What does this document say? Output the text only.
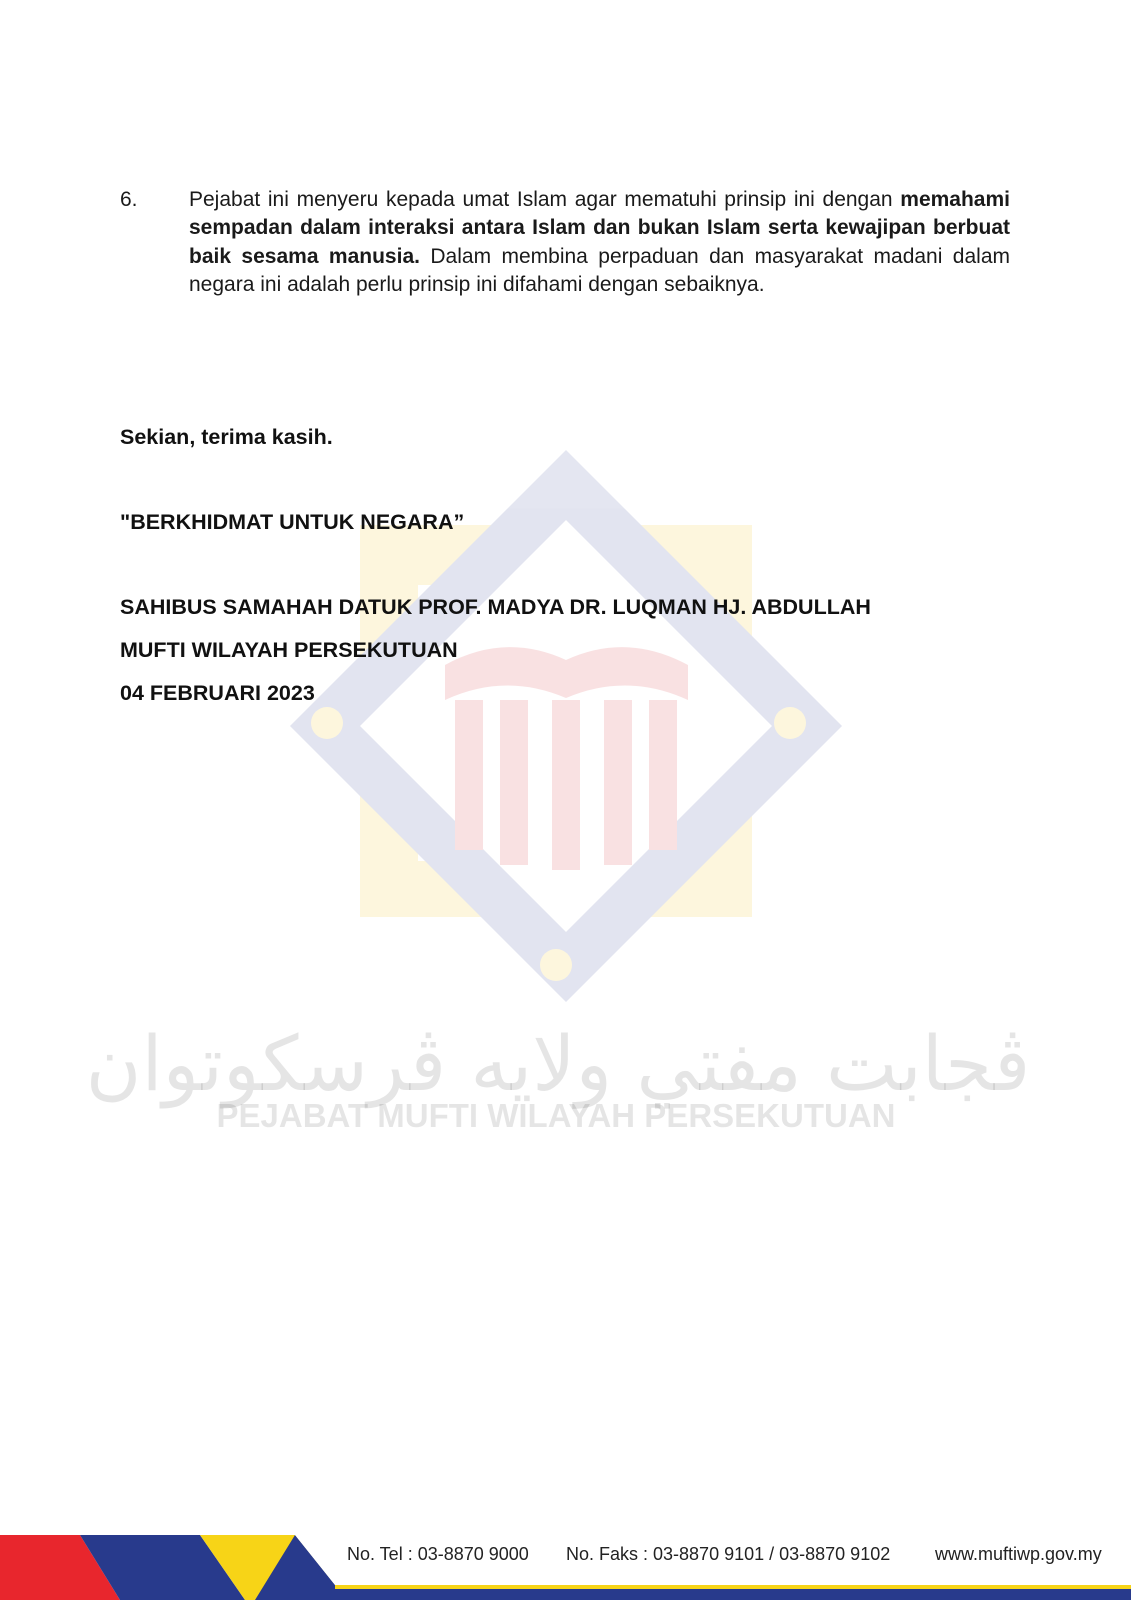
ڤجابت مفتي ولايه ڤرسكوتوان
PEJABAT MUFTI WILAYAH PERSEKUTUAN
6. Pejabat ini menyeru kepada umat Islam agar mematuhi prinsip ini dengan memahami sempadan dalam interaksi antara Islam dan bukan Islam serta kewajipan berbuat baik sesama manusia. Dalam membina perpaduan dan masyarakat madani dalam negara ini adalah perlu prinsip ini difahami dengan sebaiknya.
Sekian, terima kasih.
"BERKHIDMAT UNTUK NEGARA”
SAHIBUS SAMAHAH DATUK PROF. MADYA DR. LUQMAN HJ. ABDULLAH
MUFTI WILAYAH PERSEKUTUAN
04 FEBRUARI 2023
No. Tel : 03-8870 9000 No. Faks : 03-8870 9101 / 03-8870 9102 www.muftiwp.gov.my
